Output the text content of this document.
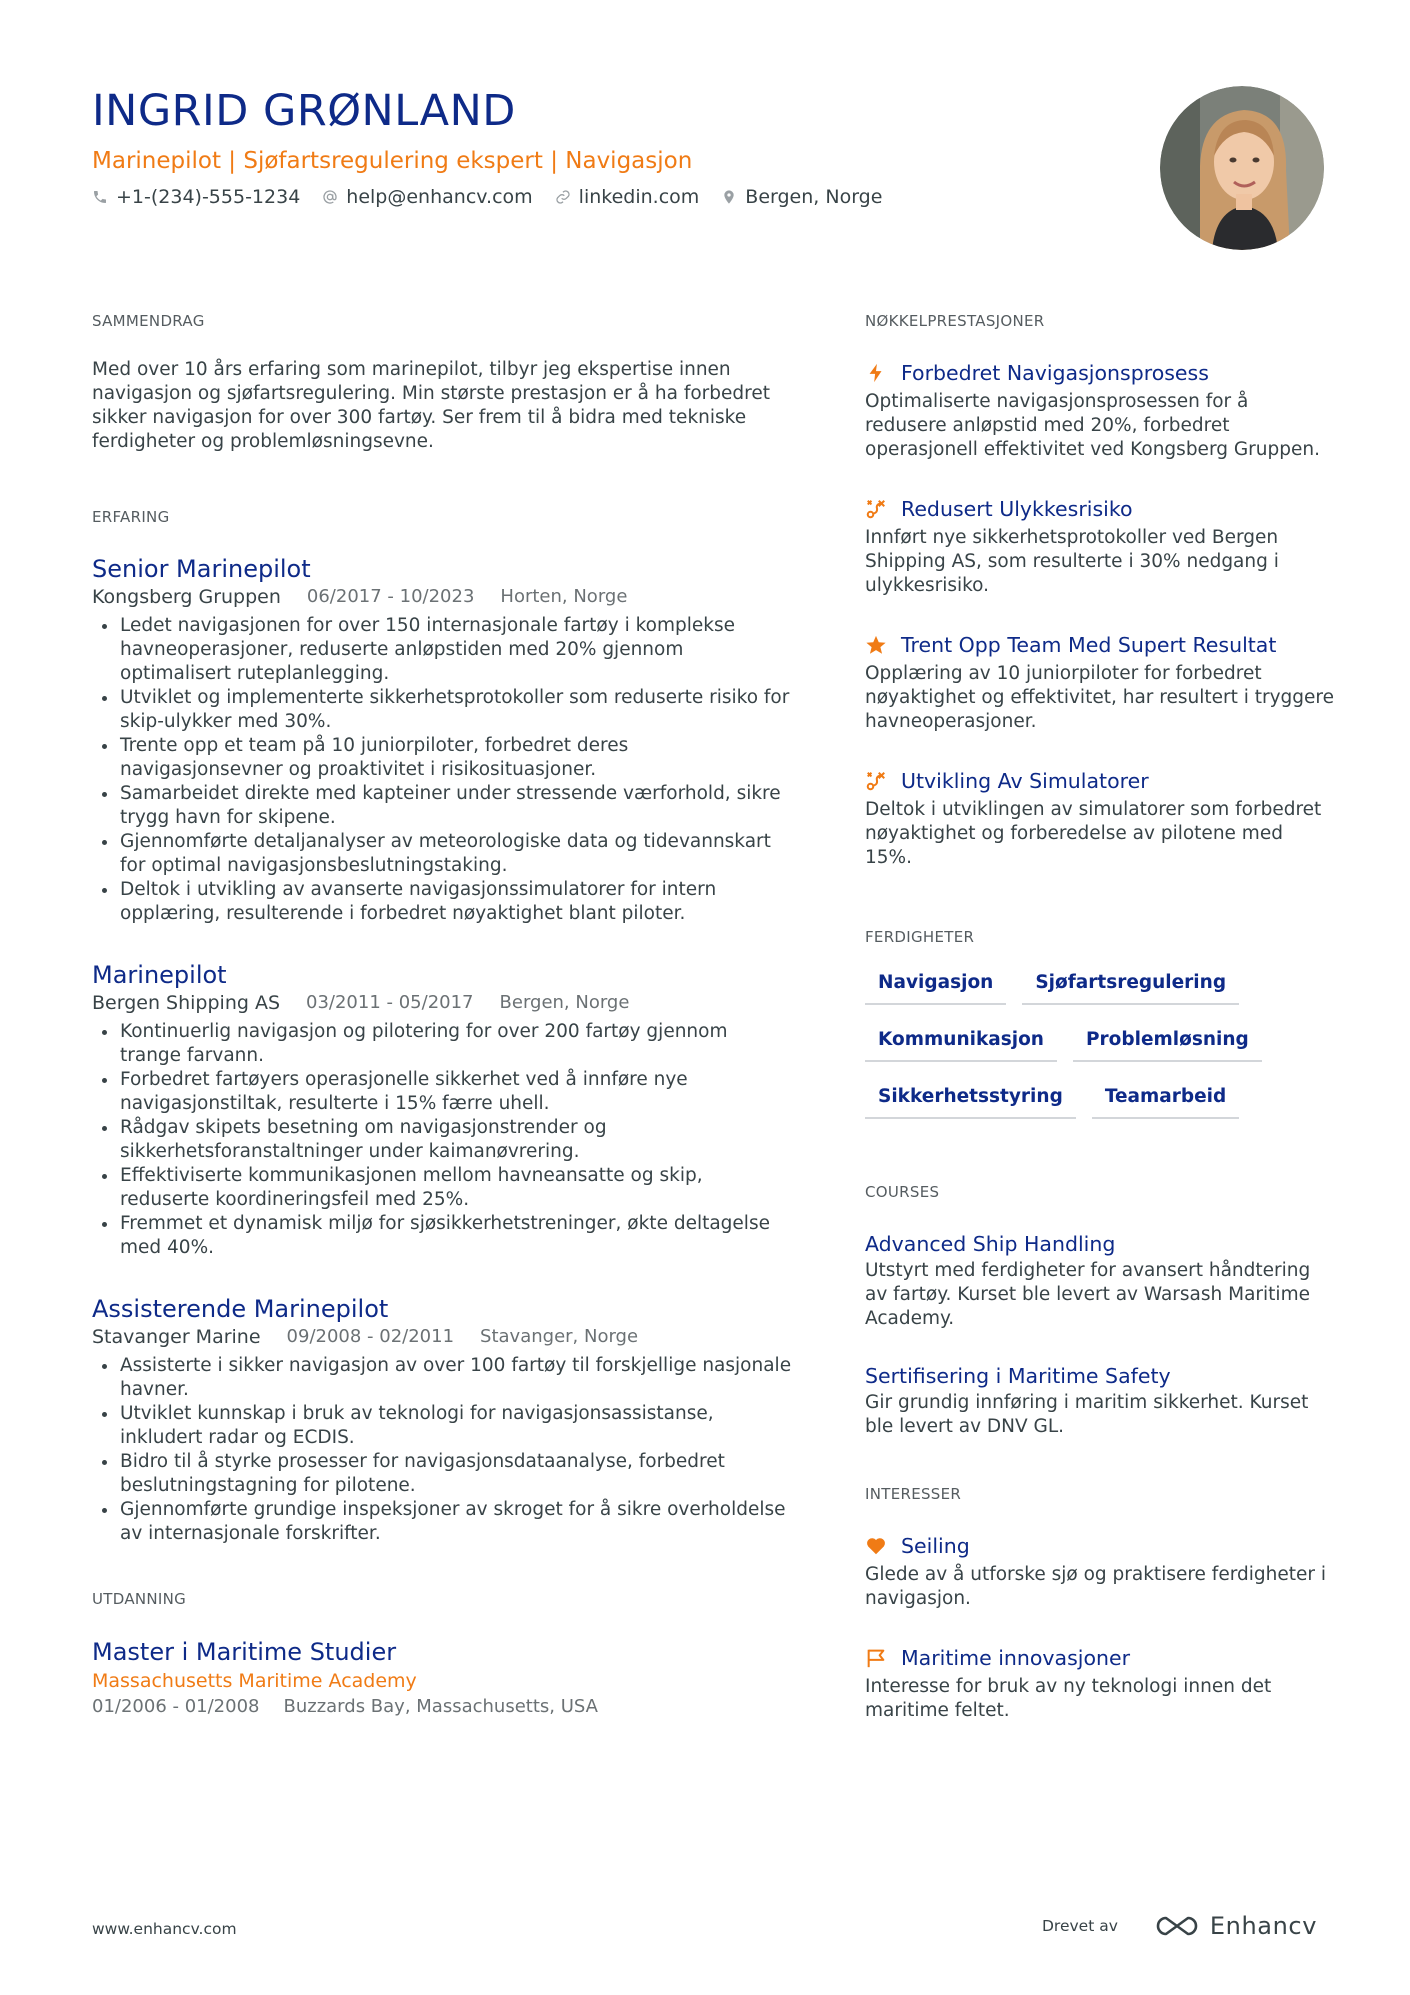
INGRID GRØNLAND
Marinepilot | Sjøfartsregulering ekspert | Navigasjon
+1-(234)-555-1234 help@enhancv.com linkedin.com Bergen, Norge
SAMMENDRAG
Med over 10 års erfaring som marinepilot, tilbyr jeg ekspertise innen navigasjon og sjøfartsregulering. Min største prestasjon er å ha forbedret sikker navigasjon for over 300 fartøy. Ser frem til å bidra med tekniske ferdigheter og problemløsningsevne.
ERFARING
Senior Marinepilot
Kongsberg Gruppen 06/2017 - 10/2023 Horten, Norge
• Ledet navigasjonen for over 150 internasjonale fartøy i komplekse havneoperasjoner, reduserte anløpstiden med 20% gjennom optimalisert ruteplanlegging.
• Utviklet og implementerte sikkerhetsprotokoller som reduserte risiko for skip-ulykker med 30%.
• Trente opp et team på 10 juniorpiloter, forbedret deres navigasjonsevner og proaktivitet i risikosituasjoner.
• Samarbeidet direkte med kapteiner under stressende værforhold, sikre trygg havn for skipene.
• Gjennomførte detaljanalyser av meteorologiske data og tidevannskart for optimal navigasjonsbeslutningstaking.
• Deltok i utvikling av avanserte navigasjonssimulatorer for intern opplæring, resulterende i forbedret nøyaktighet blant piloter.
Marinepilot
Bergen Shipping AS 03/2011 - 05/2017 Bergen, Norge
• Kontinuerlig navigasjon og pilotering for over 200 fartøy gjennom trange farvann.
• Forbedret fartøyers operasjonelle sikkerhet ved å innføre nye navigasjonstiltak, resulterte i 15% færre uhell.
• Rådgav skipets besetning om navigasjonstrender og sikkerhetsforanstaltninger under kaimanøvrering.
• Effektiviserte kommunikasjonen mellom havneansatte og skip, reduserte koordineringsfeil med 25%.
• Fremmet et dynamisk miljø for sjøsikkerhetstreninger, økte deltagelse med 40%.
Assisterende Marinepilot
Stavanger Marine 09/2008 - 02/2011 Stavanger, Norge
• Assisterte i sikker navigasjon av over 100 fartøy til forskjellige nasjonale havner.
• Utviklet kunnskap i bruk av teknologi for navigasjonsassistanse, inkludert radar og ECDIS.
• Bidro til å styrke prosesser for navigasjonsdataanalyse, forbedret beslutningstagning for pilotene.
• Gjennomførte grundige inspeksjoner av skroget for å sikre overholdelse av internasjonale forskrifter.
UTDANNING
Master i Maritime Studier
Massachusetts Maritime Academy
01/2006 - 01/2008 Buzzards Bay, Massachusetts, USA
NØKKELPRESTASJONER
Forbedret Navigasjonsprosess
Optimaliserte navigasjonsprosessen for å redusere anløpstid med 20%, forbedret operasjonell effektivitet ved Kongsberg Gruppen.
Redusert Ulykkesrisiko
Innført nye sikkerhetsprotokoller ved Bergen Shipping AS, som resulterte i 30% nedgang i ulykkesrisiko.
Trent Opp Team Med Supert Resultat
Opplæring av 10 juniorpiloter for forbedret nøyaktighet og effektivitet, har resultert i tryggere havneoperasjoner.
Utvikling Av Simulatorer
Deltok i utviklingen av simulatorer som forbedret nøyaktighet og forberedelse av pilotene med 15%.
FERDIGHETER
Navigasjon	Sjøfartsregulering
Kommunikasjon	Problemløsning
Sikkerhetsstyring	Teamarbeid
COURSES
Advanced Ship Handling
Utstyrt med ferdigheter for avansert håndtering av fartøy. Kurset ble levert av Warsash Maritime Academy.
Sertifisering i Maritime Safety
Gir grundig innføring i maritim sikkerhet. Kurset ble levert av DNV GL.
INTERESSER
Seiling
Glede av å utforske sjø og praktisere ferdigheter i navigasjon.
Maritime innovasjoner
Interesse for bruk av ny teknologi innen det maritime feltet.
www.enhancv.com	Drevet av	Enhancv
